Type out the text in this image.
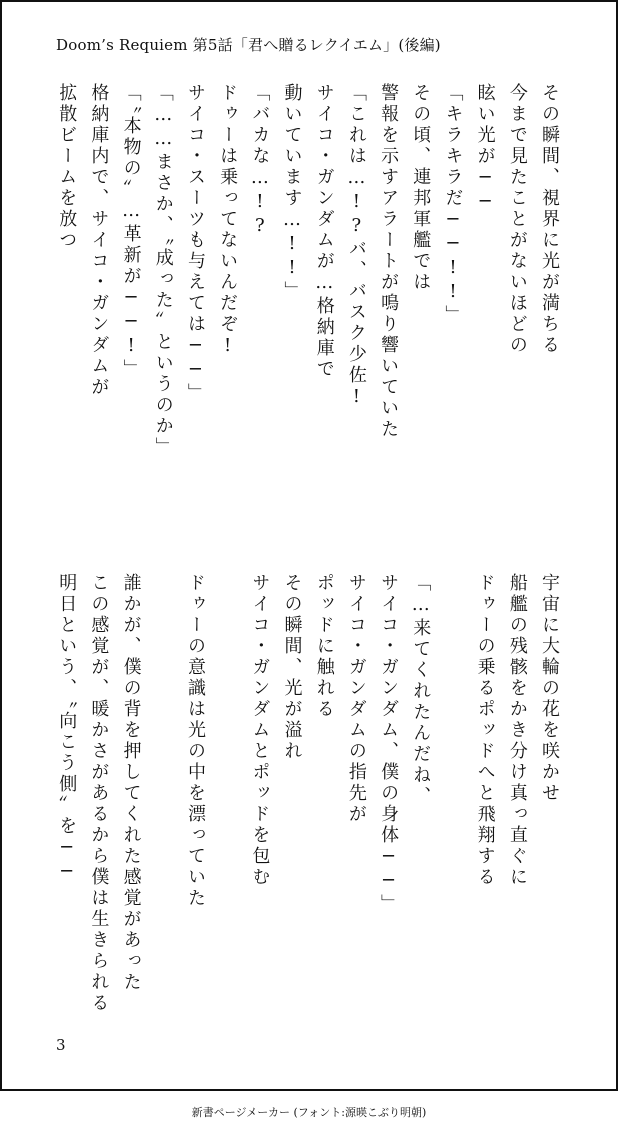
Doom’s Requiem 第5話「君へ贈るレクイエム」(後編)
その瞬間、視界に光が満ちる
今まで見たことがないほどの
眩い光が──
「キラキラだ──!!」
その頃、連邦軍艦では
警報を示すアラートが鳴り響いていた
「これは…!?バ、バスク少佐!
サイコ・ガンダムが…格納庫で
動いています…!!」
「バカな…!?
ドゥーは乗ってないんだぞ!
サイコ・スーツも与えては──」
「……まさか、〝成った〟というのか」
「〝本物の〟…革新が──!」
格納庫内で、サイコ・ガンダムが
拡散ビームを放つ
宇宙に大輪の花を咲かせ
船艦の残骸をかき分け真っ直ぐに
ドゥーの乗るポッドへと飛翔する
「…来てくれたんだね、
サイコ・ガンダム、僕の身体──」
サイコ・ガンダムの指先が
ポッドに触れる
その瞬間、光が溢れ
サイコ・ガンダムとポッドを包む
ドゥーの意識は光の中を漂っていた
誰かが、僕の背を押してくれた感覚があった
この感覚が、暖かさがあるから僕は生きられる
明日という、〝向こう側〟を──
3
新書ページメーカー (フォント:源暎こぶり明朝)
